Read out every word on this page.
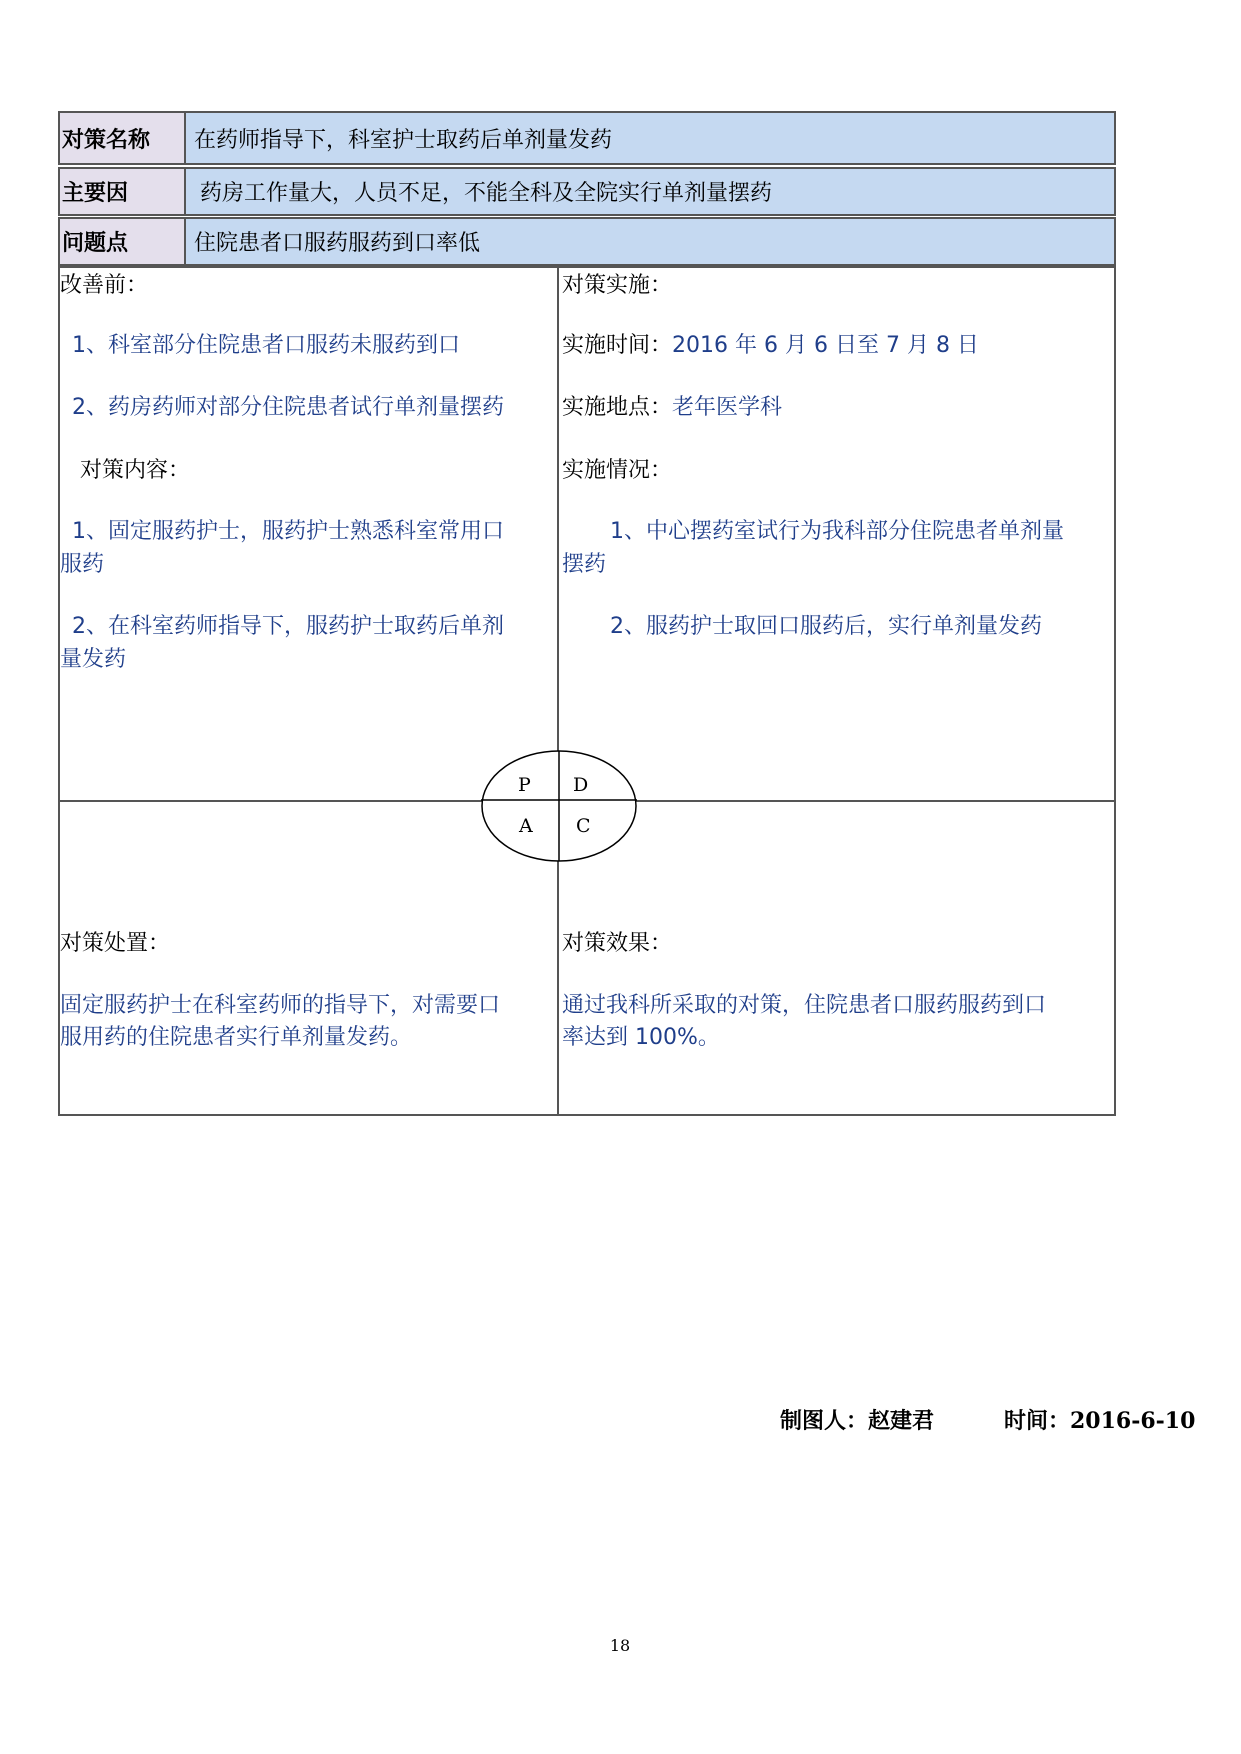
对策名称	在药师指导下，科室护士取药后单剂量发药
主要因	药房工作量大，人员不足，不能全科及全院实行单剂量摆药
问题点	住院患者口服药服药到口率低
改善前：
1、科室部分住院患者口服药未服药到口
2、药房药师对部分住院患者试行单剂量摆药
对策内容：
1、固定服药护士，服药护士熟悉科室常用口
服药
2、在科室药师指导下，服药护士取药后单剂
量发药
对策实施：
实施时间：2016 年 6 月 6 日至 7 月 8 日
实施地点：老年医学科
实施情况：
1、中心摆药室试行为我科部分住院患者单剂量
摆药
2、服药护士取回口服药后，实行单剂量发药
P D
A C
对策处置：
固定服药护士在科室药师的指导下，对需要口
服用药的住院患者实行单剂量发药。
对策效果：
通过我科所采取的对策，住院患者口服药服药到口
率达到 100%。
制图人：赵建君	时间：2016-6-10
18
